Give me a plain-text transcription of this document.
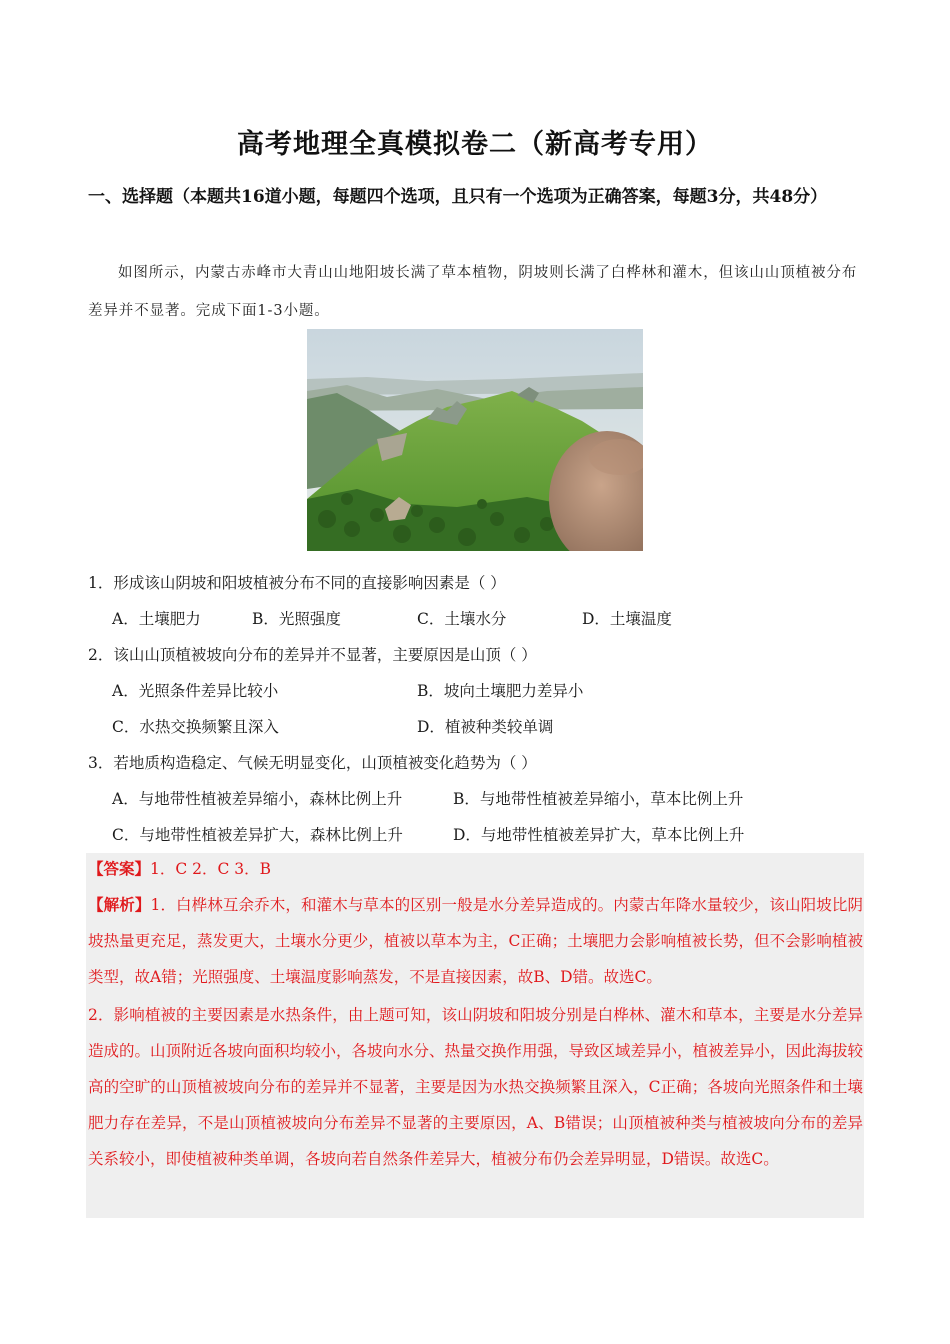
高考地理全真模拟卷二（新高考专用）
一、选择题（本题共16道小题，每题四个选项，且只有一个选项为正确答案，每题3分，共48分）
如图所示，内蒙古赤峰市大青山山地阳坡长满了草本植物，阴坡则长满了白桦林和灌木，但该山山顶植被分布差异并不显著。完成下面1-3小题。
1．形成该山阴坡和阳坡植被分布不同的直接影响因素是（ ）
A．土壤肥力	B．光照强度	C．土壤水分	D．土壤温度
2．该山山顶植被坡向分布的差异并不显著，主要原因是山顶（ ）
A．光照条件差异比较小	B．坡向土壤肥力差异小
C．水热交换频繁且深入	D．植被种类较单调
3．若地质构造稳定、气候无明显变化，山顶植被变化趋势为（ ）
A．与地带性植被差异缩小，森林比例上升	B．与地带性植被差异缩小，草本比例上升
C．与地带性植被差异扩大，森林比例上升	D．与地带性植被差异扩大，草本比例上升
【答案】1．C 2．C 3．B
【解析】1．白桦林互余乔木，和灌木与草本的区别一般是水分差异造成的。内蒙古年降水量较少，该山阳坡比阴坡热量更充足，蒸发更大，土壤水分更少，植被以草本为主，C正确；土壤肥力会影响植被长势，但不会影响植被类型，故A错；光照强度、土壤温度影响蒸发，不是直接因素，故B、D错。故选C。
2．影响植被的主要因素是水热条件，由上题可知，该山阴坡和阳坡分别是白桦林、灌木和草本，主要是水分差异造成的。山顶附近各坡向面积均较小，各坡向水分、热量交换作用强，导致区域差异小，植被差异小，因此海拔较高的空旷的山顶植被坡向分布的差异并不显著，主要是因为水热交换频繁且深入，C正确；各坡向光照条件和土壤肥力存在差异，不是山顶植被坡向分布差异不显著的主要原因，A、B错误；山顶植被种类与植被坡向分布的差异关系较小，即使植被种类单调，各坡向若自然条件差异大，植被分布仍会差异明显，D错误。故选C。
